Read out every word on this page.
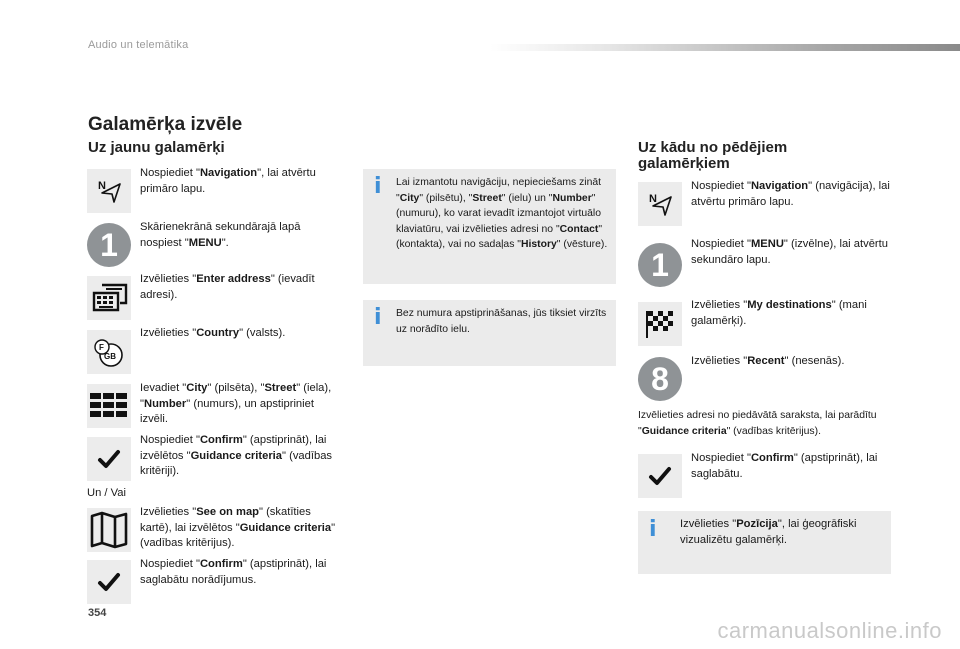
Audio un telemātika
Galamērķa izvēle
Uz jaunu galamērķi
N
Nospiediet "Navigation", lai atvērtu primāro lapu.
1	Skārienekrānā sekundārajā lapā nospiest "MENU".
Izvēlieties "Enter address" (ievadīt adresi).
F
GB
Izvēlieties "Country" (valsts).
Ievadiet "City" (pilsēta), "Street" (iela), "Number" (numurs), un apstipriniet izvēli.
Nospiediet "Confirm" (apstiprināt), lai izvēlētos "Guidance criteria" (vadības kritēriji).
Un / Vai
Izvēlieties "See on map" (skatīties kartē), lai izvēlētos "Guidance criteria" (vadības kritērijus).
Nospiediet "Confirm" (apstiprināt), lai saglabātu norādījumus.
i Lai izmantotu navigāciju, nepieciešams zināt "City" (pilsētu), "Street" (ielu) un "Number" (numuru), ko varat ievadīt izmantojot virtuālo klaviatūru, vai izvēlieties adresi no "Contact" (kontakta), vai no sadaļas "History" (vēsture).
i Bez numura apstiprināšanas, jūs tiksiet virzīts uz norādīto ielu.
Uz kādu no pēdējiem
galamērķiem
N
Nospiediet "Navigation" (navigācija), lai atvērtu primāro lapu.
1
Nospiediet "MENU" (izvēlne), lai atvērtu sekundāro lapu.
Izvēlieties "My destinations" (mani galamērķi).
8	Izvēlieties "Recent" (nesenās).
Izvēlieties adresi no piedāvātā saraksta, lai parādītu "Guidance criteria" (vadības kritērijus).
Nospiediet "Confirm" (apstiprināt), lai saglabātu.
i Izvēlieties "Pozīcija", lai ģeogrāfiski vizualizētu galamērķi.
354
carmanualsonline.info
